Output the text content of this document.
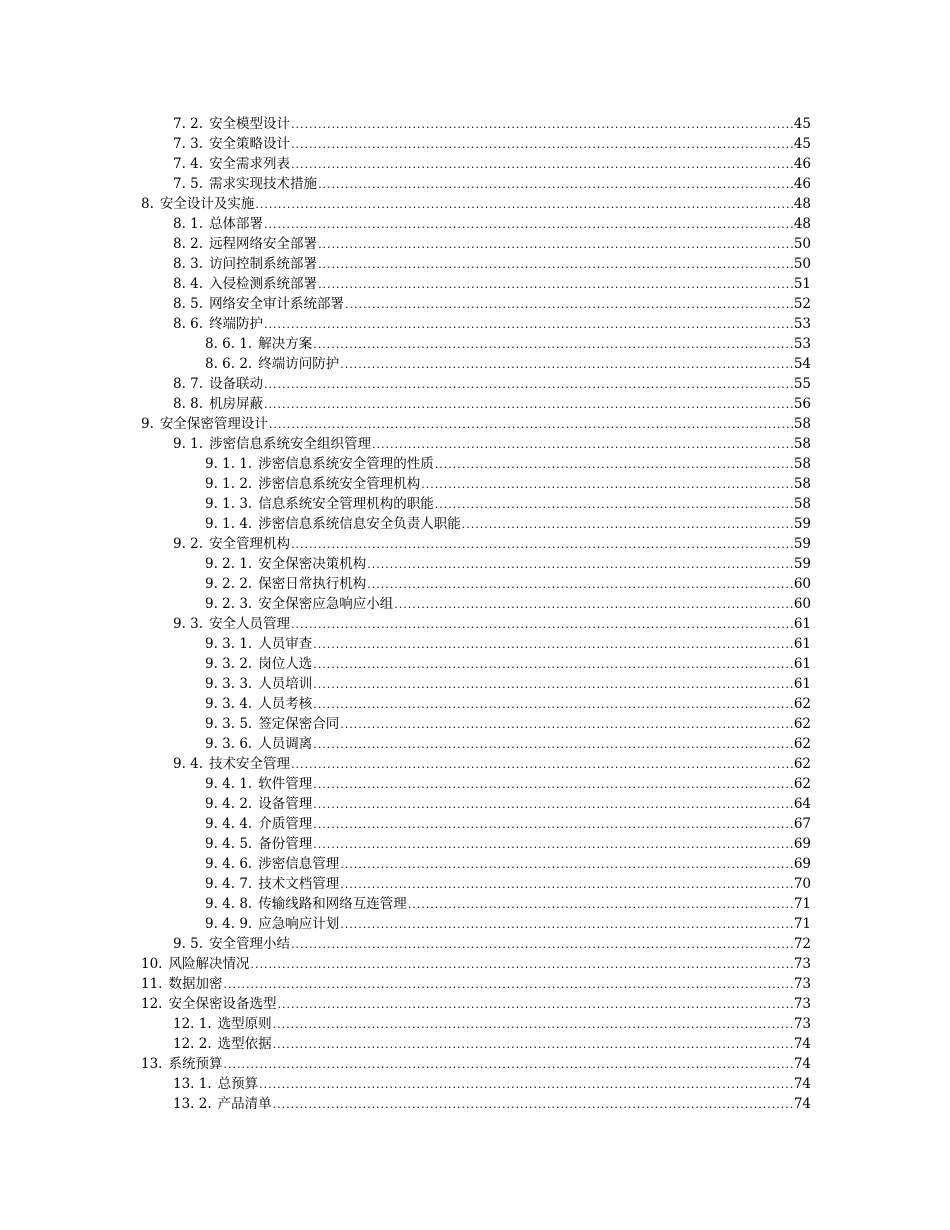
7. 2. 安全模型设计 .....	45
7. 3. 安全策略设计 .....	45
7. 4. 安全需求列表 .....	46
7. 5. 需求实现技术措施 .....	46
8. 安全设计及实施 .....	48
8. 1. 总体部署 .....	48
8. 2. 远程网络安全部署 .....	50
8. 3. 访问控制系统部署 .....	50
8. 4. 入侵检测系统部署 .....	51
8. 5. 网络安全审计系统部署 .....	52
8. 6. 终端防护 .....	53
8. 6. 1. 解决方案 .....	53
8. 6. 2. 终端访问防护 .....	54
8. 7. 设备联动 .....	55
8. 8. 机房屏蔽 .....	56
9. 安全保密管理设计 .....	58
9. 1. 涉密信息系统安全组织管理 .....	58
9. 1. 1. 涉密信息系统安全管理的性质 .....	58
9. 1. 2. 涉密信息系统安全管理机构 .....	58
9. 1. 3. 信息系统安全管理机构的职能 .....	58
9. 1. 4. 涉密信息系统信息安全负责人职能 .....	59
9. 2. 安全管理机构 .....	59
9. 2. 1. 安全保密决策机构 .....	59
9. 2. 2. 保密日常执行机构 .....	60
9. 2. 3. 安全保密应急响应小组 .....	60
9. 3. 安全人员管理 .....	61
9. 3. 1. 人员审查 .....	61
9. 3. 2. 岗位人选 .....	61
9. 3. 3. 人员培训 .....	61
9. 3. 4. 人员考核 .....	62
9. 3. 5. 签定保密合同 .....	62
9. 3. 6. 人员调离 .....	62
9. 4. 技术安全管理 .....	62
9. 4. 1. 软件管理 .....	62
9. 4. 2. 设备管理 .....	64
9. 4. 4. 介质管理 .....	67
9. 4. 5. 备份管理 .....	69
9. 4. 6. 涉密信息管理 .....	69
9. 4. 7. 技术文档管理 .....	70
9. 4. 8. 传输线路和网络互连管理 .....	71
9. 4. 9. 应急响应计划 .....	71
9. 5. 安全管理小结 .....	72
10. 风险解决情况 .....	73
11. 数据加密 .....	73
12. 安全保密设备选型 .....	73
12. 1. 选型原则 .....	73
12. 2. 选型依据 .....	74
13. 系统预算 .....	74
13. 1. 总预算 .....	74
13. 2. 产品清单 .....	74
